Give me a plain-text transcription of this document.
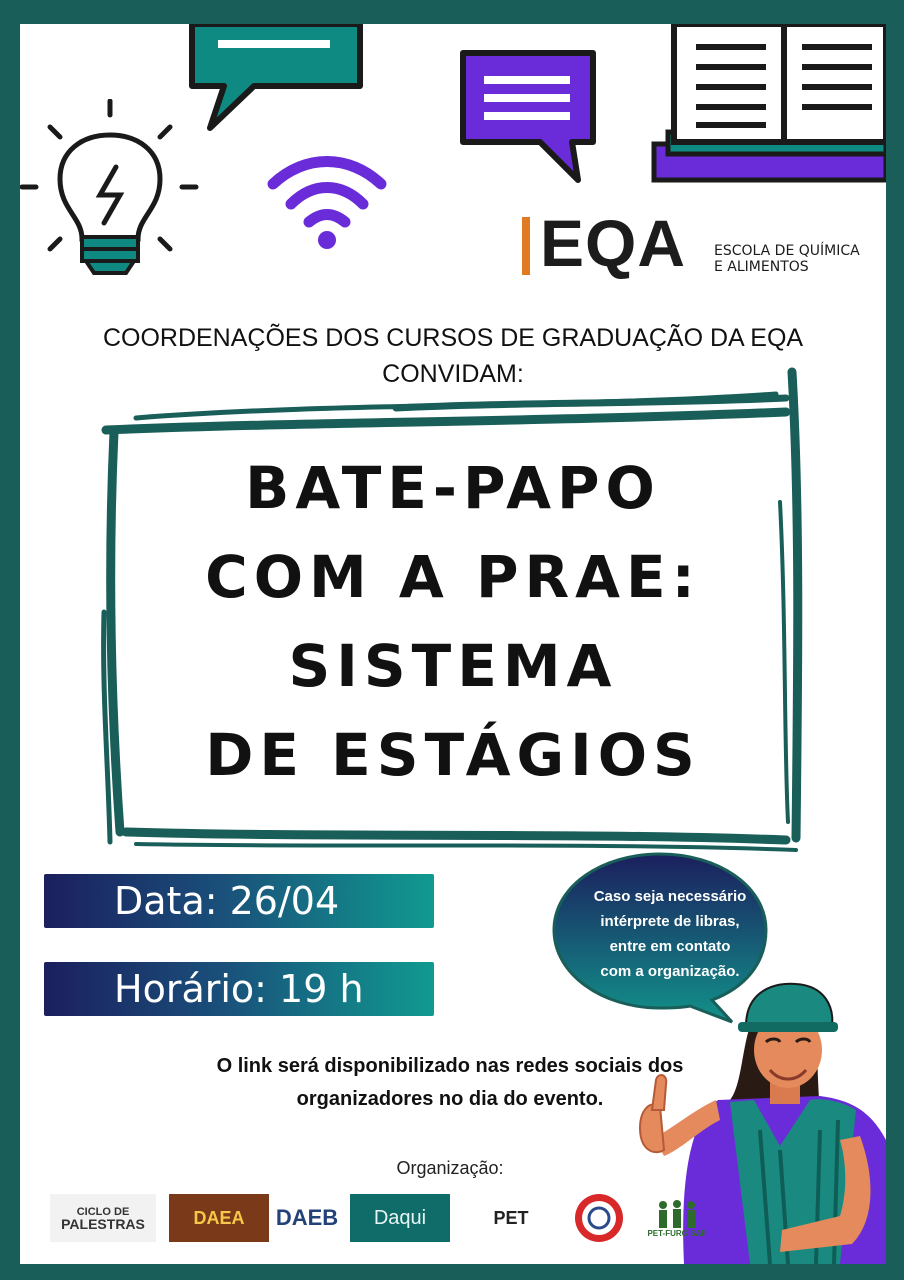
EQA ESCOLA DE QUÍMICA
E ALIMENTOS
COORDENAÇÕES DOS CURSOS DE GRADUAÇÃO DA EQA
CONVIDAM:
BATE-PAPO
COM A PRAE:
SISTEMA
DE ESTÁGIOS
Data: 26/04
Horário: 19 h
Caso seja necessário
intérprete de libras,
entre em contato
com a organização.
O link será disponibilizado nas redes sociais dos
organizadores no dia do evento.
Organização:
CICLO DE
PALESTRAS	DAEA	DAEB	Daqui	PET
PET-FURG SAP
